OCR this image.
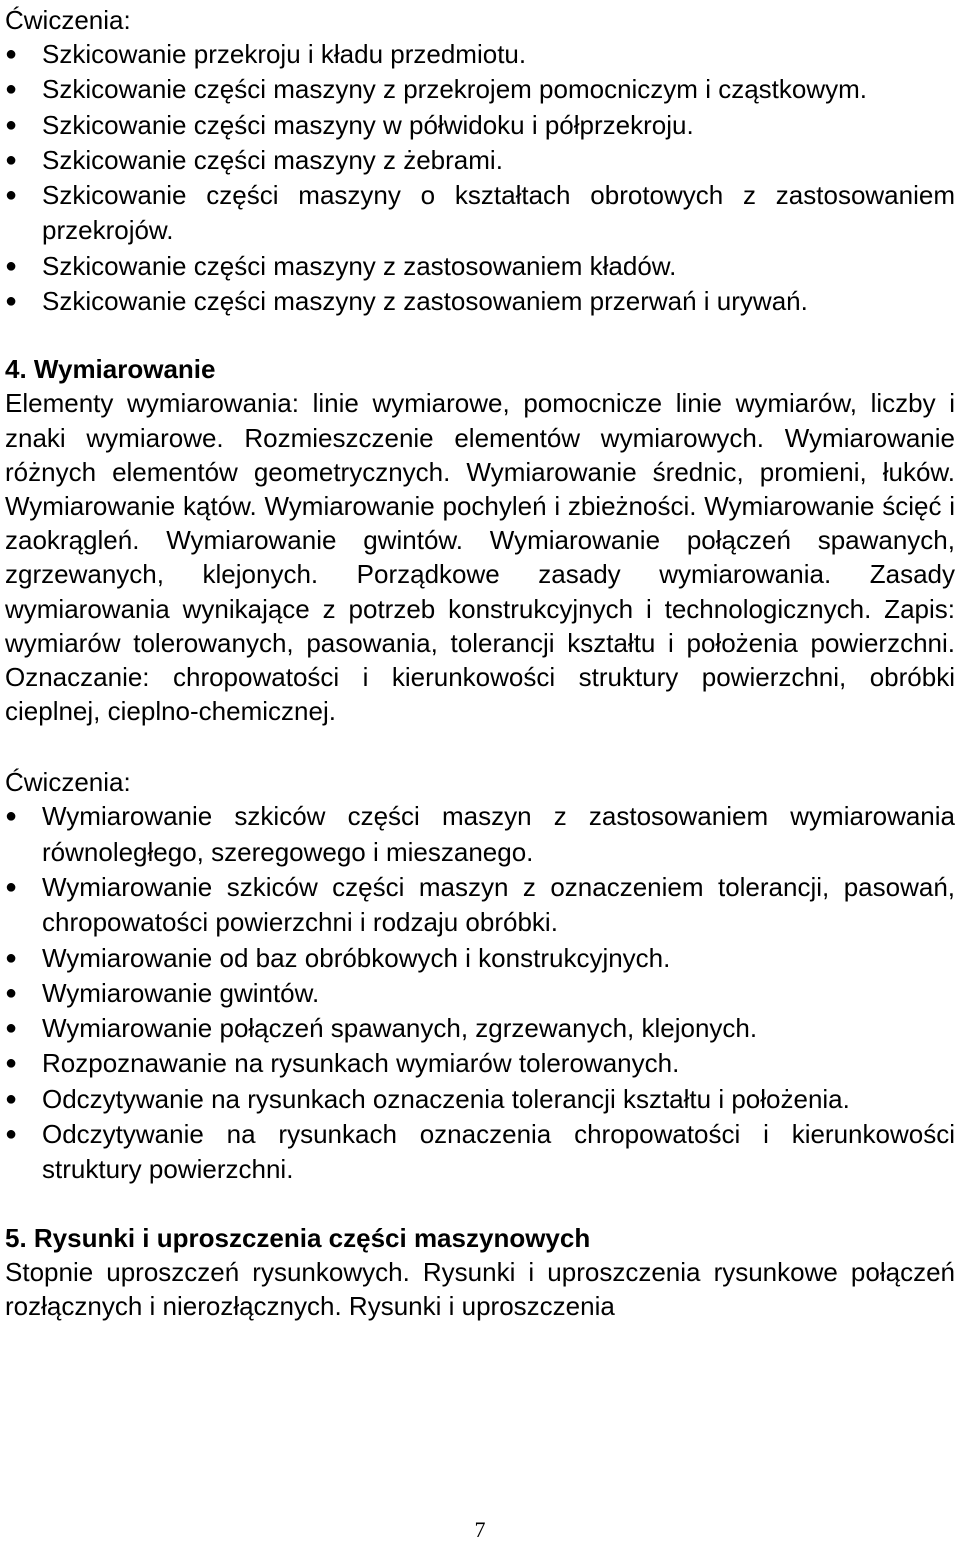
Ćwiczenia:

● Szkicowanie przekroju i kładu przedmiotu.
● Szkicowanie części maszyny z przekrojem pomocniczym i cząstkowym.
● Szkicowanie części maszyny w półwidoku i półprzekroju.
● Szkicowanie części maszyny z żebrami.
● Szkicowanie części maszyny o kształtach obrotowych z zastosowaniem przekrojów.
● Szkicowanie części maszyny z zastosowaniem kładów.
● Szkicowanie części maszyny z zastosowaniem przerwań i urywań.

4. Wymiarowanie

Elementy wymiarowania: linie wymiarowe, pomocnicze linie wymiarów, liczby i znaki wymiarowe. Rozmieszczenie elementów wymiarowych. Wymiarowanie różnych elementów geometrycznych. Wymiarowanie średnic, promieni, łuków. Wymiarowanie kątów. Wymiarowanie pochyleń i zbieżności. Wymiarowanie ścięć i zaokrągleń. Wymiarowanie gwintów. Wymiarowanie połączeń spawanych, zgrzewanych, klejonych. Porządkowe zasady wymiarowania. Zasady wymiarowania wynikające z potrzeb konstrukcyjnych i technologicznych. Zapis: wymiarów tolerowanych, pasowania, tolerancji kształtu i położenia powierzchni. Oznaczanie: chropowatości i kierunkowości struktury powierzchni, obróbki cieplnej, cieplno-chemicznej.

Ćwiczenia:

● Wymiarowanie szkiców części maszyn z zastosowaniem wymiarowania równoległego, szeregowego i mieszanego.
● Wymiarowanie szkiców części maszyn z oznaczeniem tolerancji, pasowań, chropowatości powierzchni i rodzaju obróbki.
● Wymiarowanie od baz obróbkowych i konstrukcyjnych.
● Wymiarowanie gwintów.
● Wymiarowanie połączeń spawanych, zgrzewanych, klejonych.
● Rozpoznawanie na rysunkach wymiarów tolerowanych.
● Odczytywanie na rysunkach oznaczenia tolerancji kształtu i położenia.
● Odczytywanie na rysunkach oznaczenia chropowatości i kierunkowości struktury powierzchni.

5. Rysunki i uproszczenia części maszynowych

Stopnie uproszczeń rysunkowych. Rysunki i uproszczenia rysunkowe połączeń rozłącznych i nierozłącznych. Rysunki i uproszczenia

7
